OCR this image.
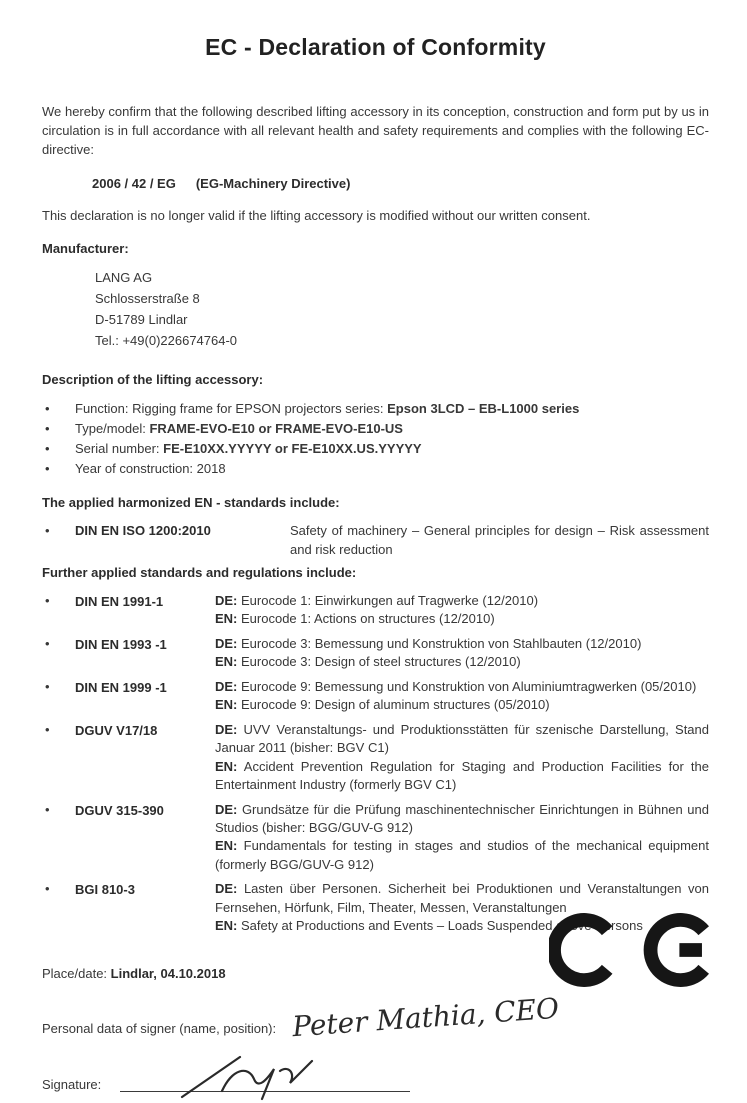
EC - Declaration of Conformity

We hereby confirm that the following described lifting accessory in its conception, construction and form put by us in circulation is in full accordance with all relevant health and safety requirements and complies with the following EC-directive:

2006 / 42 / EG (EG-Machinery Directive)

This declaration is no longer valid if the lifting accessory is modified without our written consent.

Manufacturer:
LANG AG
Schlosserstraße 8
D-51789 Lindlar
Tel.: +49(0)226674764-0
Description of the lifting accessory:
•	Function: Rigging frame for EPSON projectors series: Epson 3LCD – EB-L1000 series
•	Type/model: FRAME-EVO-E10 or FRAME-EVO-E10-US
•	Serial number: FE-E10XX.YYYYY or FE-E10XX.US.YYYYY
•	Year of construction: 2018
The applied harmonized EN - standards include:
•	DIN EN ISO 1200:2010	Safety of machinery – General principles for design – Risk assessment and risk reduction
Further applied standards and regulations include:
•	DIN EN 1991-1	DE: Eurocode 1: Einwirkungen auf Tragwerke (12/2010)
EN: Eurocode 1: Actions on structures (12/2010)
•	DIN EN 1993 -1	DE: Eurocode 3: Bemessung und Konstruktion von Stahlbauten (12/2010)
EN: Eurocode 3: Design of steel structures (12/2010)
•	DIN EN 1999 -1	DE: Eurocode 9: Bemessung und Konstruktion von Aluminiumtragwerken (05/2010)
EN: Eurocode 9: Design of aluminum structures (05/2010)
•	DGUV V17/18	DE: UVV Veranstaltungs- und Produktionsstätten für szenische Darstellung, Stand Januar 2011 (bisher: BGV C1)
EN: Accident Prevention Regulation for Staging and Production Facilities for the Entertainment Industry (formerly BGV C1)
•	DGUV 315-390	DE: Grundsätze für die Prüfung maschinentechnischer Einrichtungen in Bühnen und Studios (bisher: BGG/GUV-G 912)
EN: Fundamentals for testing in stages and studios of the mechanical equipment (formerly BGG/GUV-G 912)
•	BGI 810-3	DE: Lasten über Personen. Sicherheit bei Produktionen und Veranstaltungen von Fernsehen, Hörfunk, Film, Theater, Messen, Veranstaltungen
EN: Safety at Productions and Events – Loads Suspended above Persons
Place/date: Lindlar, 04.10.2018
Personal data of signer (name, position): Peter Mathia, CEO
Signature:
